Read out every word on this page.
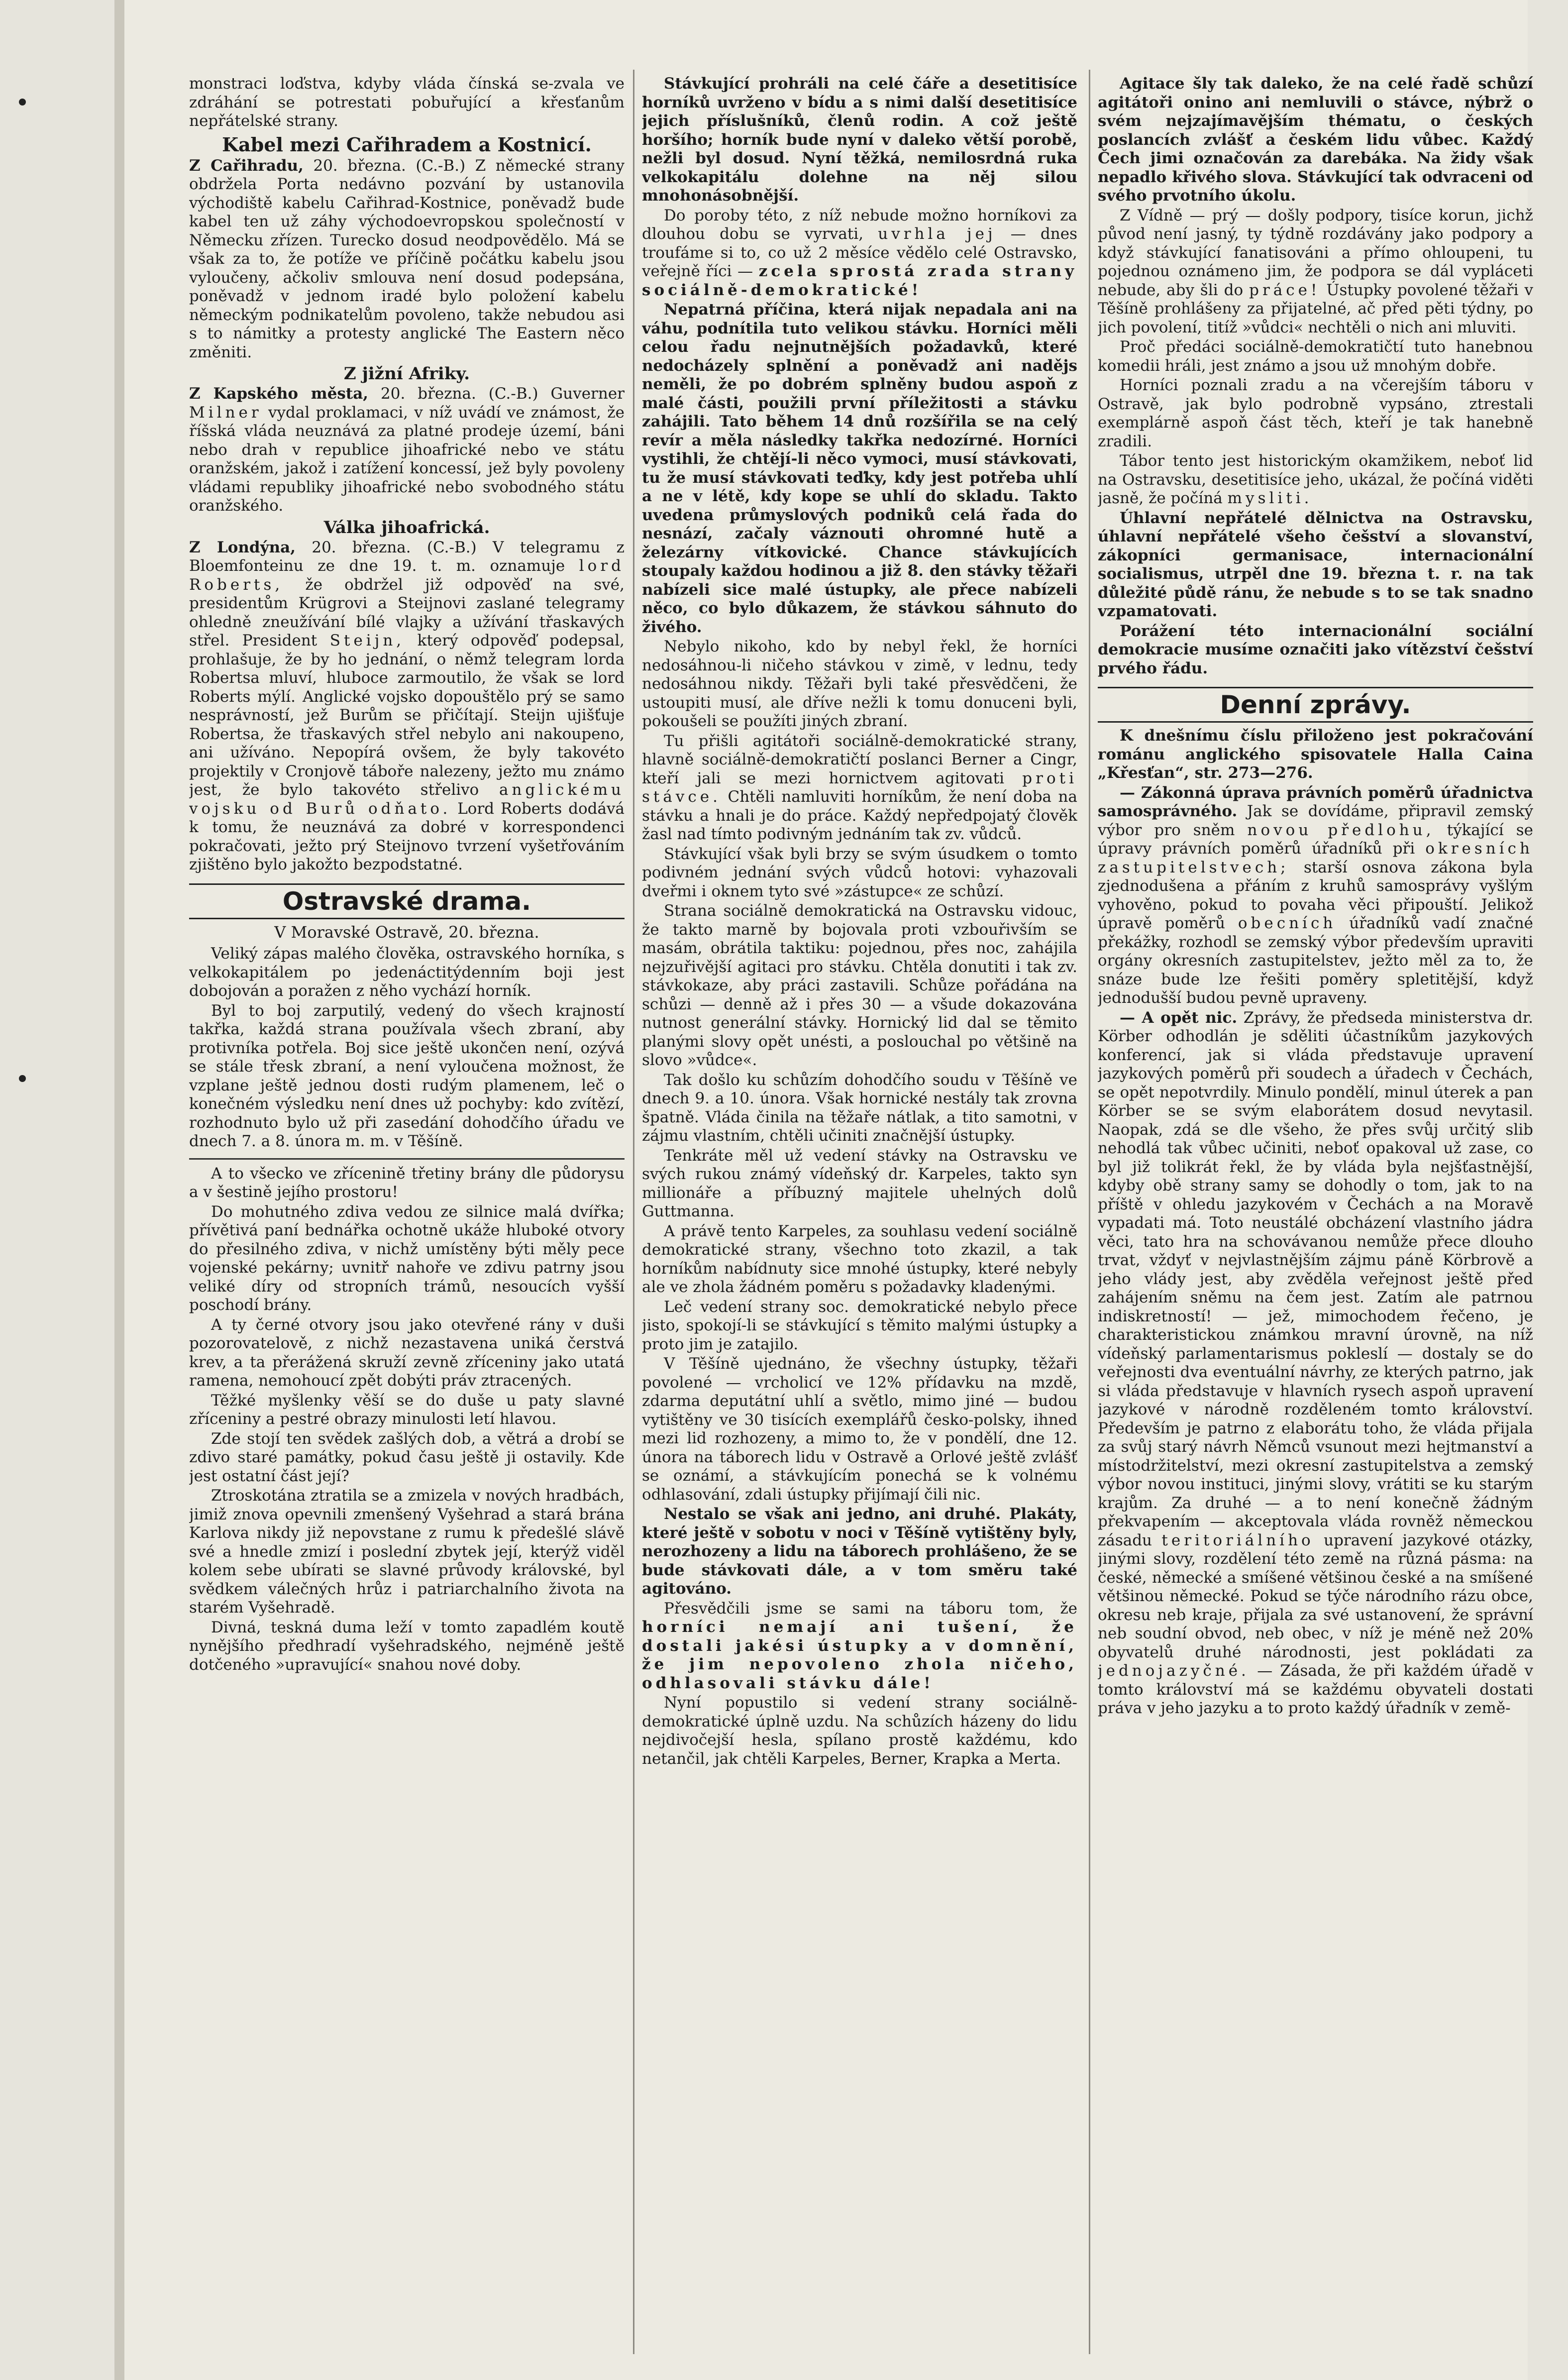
monstraci loďstva, kdyby vláda čínská se-zvala ve zdráhání se potrestati pobuřující a křesťanům nepřátelské strany.

Kabel mezi Cařihradem a Kostnicí.

Z Cařihradu, 20. března. (C.-B.) Z německé strany obdržela Porta nedávno pozvání by ustanovila východiště kabelu Cařihrad-Kostnice, poněvadž bude kabel ten už záhy východoevropskou společností v Německu zřízen. Turecko dosud neodpovědělo. Má se však za to, že potíže ve příčině počátku kabelu jsou vyloučeny, ačkoliv smlouva není dosud podepsána, poněvadž v jednom iradé bylo položení kabelu německým podnikatelům povoleno, takže nebudou asi s to námitky a protesty anglické The Eastern něco změniti.

Z jižní Afriky.

Z Kapského města, 20. března. (C.-B.) Guverner Milner vydal proklamaci, v níž uvádí ve známost, že říšská vláda neuznává za platné prodeje území, báni nebo drah v republice jihoafrické nebo ve státu oranžském, jakož i zatížení koncessí, jež byly povoleny vládami republiky jihoafrické nebo svobodného státu oranžského.

Válka jihoafrická.

Z Londýna, 20. března. (C.-B.) V telegramu z Bloemfonteinu ze dne 19. t. m. oznamuje lord Roberts, že obdržel již odpověď na své, presidentům Krügrovi a Steijnovi zaslané telegramy ohledně zneužívání bílé vlajky a užívání třaskavých střel. President Steijn, který odpověď podepsal, prohlašuje, že by ho jednání, o němž telegram lorda Robertsa mluví, hluboce zarmoutilo, že však se lord Roberts mýlí. Anglické vojsko dopouštělo prý se samo nesprávností, jež Burům se přičítají. Steijn ujišťuje Robertsa, že třaskavých střel nebylo ani nakoupeno, ani užíváno. Nepopírá ovšem, že byly takovéto projektily v Cronjově táboře nalezeny, ježto mu známo jest, že bylo takovéto střelivo anglickému vojsku od Burů odňato. Lord Roberts dodává k tomu, že neuznává za dobré v korrespondenci pokračovati, ježto prý Steijnovo tvrzení vyšetřováním zjištěno bylo jakožto bezpodstatné.

Ostravské drama.
V Moravské Ostravě, 20. března.

Veliký zápas malého člověka, ostravského horníka, s velkokapitálem po jedenáctitýdenním boji jest dobojován a poražen z něho vychází horník.

Byl to boj zarputilý, vedený do všech krajností takřka, každá strana používala všech zbraní, aby protivníka potřela. Boj sice ještě ukončen není, ozývá se stále třesk zbraní, a není vyloučena možnost, že vzplane ještě jednou dosti rudým plamenem, leč o konečném výsledku není dnes už pochyby: kdo zvítězí, rozhodnuto bylo už při zasedání dohodčího úřadu ve dnech 7. a 8. února m. m. v Těšíně.

A to všecko ve zřícenině třetiny brány dle půdorysu a v šestině jejího prostoru!

Do mohutného zdiva vedou ze silnice malá dvířka; přívětivá paní bednářka ochotně ukáže hluboké otvory do přesilného zdiva, v nichž umístěny býti měly pece vojenské pekárny; uvnitř nahoře ve zdivu patrny jsou veliké díry od stropních trámů, nesoucích vyšší poschodí brány.

A ty černé otvory jsou jako otevřené rány v duši pozorovatelově, z nichž nezastavena uniká čerstvá krev, a ta přerážená skruží zevně zříceniny jako utatá ramena, nemohoucí zpět dobýti práv ztracených.

Těžké myšlenky věší se do duše u paty slavné zříceniny a pestré obrazy minulosti letí hlavou.

Zde stojí ten svědek zašlých dob, a větrá a drobí se zdivo staré památky, pokud času ještě ji ostavily. Kde jest ostatní část její?

Ztroskotána ztratila se a zmizela v nových hradbách, jimiž znova opevnili zmenšený Vyšehrad a stará brána Karlova nikdy již nepovstane z rumu k předešlé slávě své a hnedle zmizí i poslední zbytek její, kterýž viděl kolem sebe ubírati se slavné průvody královské, byl svědkem válečných hrůz i patriarchalního života na starém Vyšehradě.

Divná, teskná duma leží v tomto zapadlém koutě nynějšího předhradí vyšehradského, nejméně ještě dotčeného »upravující« snahou nové doby.

Stávkující prohráli na celé čáře a desetitisíce horníků uvrženo v bídu a s nimi další desetitisíce jejich příslušníků, členů rodin. A což ještě horšího; horník bude nyní v daleko větší porobě, nežli byl dosud. Nyní těžká, nemilosrdná ruka velkokapitálu dolehne na něj silou mnohonásobnější.

Do poroby této, z níž nebude možno horníkovi za dlouhou dobu se vyrvati, uvrhla jej — dnes troufáme si to, co už 2 měsíce vědělo celé Ostravsko, veřejně říci — zcela sprostá zrada strany sociálně-demokratické!

Nepatrná příčina, která nijak nepadala ani na váhu, podnítila tuto velikou stávku. Horníci měli celou řadu nejnutnějších požadavků, které nedocházely splnění a poněvadž ani nadějs neměli, že po dobrém splněny budou aspoň z malé části, použili první příležitosti a stávku zahájili. Tato během 14 dnů rozšířila se na celý revír a měla následky takřka nedozírné. Horníci vystihli, že chtějí-li něco vymoci, musí stávkovati, tu že musí stávkovati teďky, kdy jest potřeba uhlí a ne v létě, kdy kope se uhlí do skladu. Takto uvedena průmyslových podniků celá řada do nesnází, začaly váznouti ohromné hutě a železárny vítkovické. Chance stávkujících stoupaly každou hodinou a již 8. den stávky těžaři nabízeli sice malé ústupky, ale přece nabízeli něco, co bylo důkazem, že stávkou sáhnuto do živého.

Nebylo nikoho, kdo by nebyl řekl, že horníci nedosáhnou-li ničeho stávkou v zimě, v lednu, tedy nedosáhnou nikdy. Těžaři byli také přesvědčeni, že ustoupiti musí, ale dříve nežli k tomu donuceni byli, pokoušeli se použíti jiných zbraní.

Tu přišli agitátoři sociálně-demokratické strany, hlavně sociálně-demokratičtí poslanci Berner a Cingr, kteří jali se mezi hornictvem agitovati proti stávce. Chtěli namluviti horníkům, že není doba na stávku a hnali je do práce. Každý nepředpojatý člověk žasl nad tímto podivným jednáním tak zv. vůdců.

Stávkující však byli brzy se svým úsudkem o tomto podivném jednání svých vůdců hotovi: vyhazovali dveřmi i oknem tyto své »zástupce« ze schůzí.

Strana sociálně demokratická na Ostravsku vidouc, že takto marně by bojovala proti vzbouřivším se masám, obrátila taktiku: pojednou, přes noc, zahájila nejzuřivější agitaci pro stávku. Chtěla donutiti i tak zv. stávkokaze, aby práci zastavili. Schůze pořádána na schůzi — denně až i přes 30 — a všude dokazována nutnost generální stávky. Hornický lid dal se těmito planými slovy opět unésti, a poslouchal po většině na slovo »vůdce«.

Tak došlo ku schůzím dohodčího soudu v Těšíně ve dnech 9. a 10. února. Však hornické nestály tak zrovna špatně. Vláda činila na těžaře nátlak, a tito samotni, v zájmu vlastním, chtěli učiniti značnější ústupky.

Tenkráte měl už vedení stávky na Ostravsku ve svých rukou známý vídeňský dr. Karpeles, takto syn millionáře a příbuzný majitele uhelných dolů Guttmanna.

A právě tento Karpeles, za souhlasu vedení sociálně demokratické strany, všechno toto zkazil, a tak horníkům nabídnuty sice mnohé ústupky, které nebyly ale ve zhola žádném poměru s požadavky kladenými.

Leč vedení strany soc. demokratické nebylo přece jisto, spokojí-li se stávkující s těmito malými ústupky a proto jim je zatajilo.

V Těšíně ujednáno, že všechny ústupky, těžaři povolené — vrcholicí ve 12% přídavku na mzdě, zdarma deputátní uhlí a světlo, mimo jiné — budou vytištěny ve 30 tisících exemplářů česko-polsky, ihned mezi lid rozhozeny, a mimo to, že v pondělí, dne 12. února na táborech lidu v Ostravě a Orlové ještě zvlášť se oznámí, a stávkujícím ponechá se k volnému odhlasování, zdali ústupky přijímají čili nic.

Nestalo se však ani jedno, ani druhé. Plakáty, které ještě v sobotu v noci v Těšíně vytištěny byly, nerozhozeny a lidu na táborech prohlášeno, že se bude stávkovati dále, a v tom směru také agitováno.

Přesvědčili jsme se sami na táboru tom, že horníci nemají ani tušení, že dostali jakési ústupky a v domnění, že jim nepovoleno zhola ničeho, odhlasovali stávku dále!

Nyní popustilo si vedení strany sociálně-demokratické úplně uzdu. Na schůzích házeny do lidu nejdivočejší hesla, spílano prostě každému, kdo netančil, jak chtěli Karpeles, Berner, Krapka a Merta.

Agitace šly tak daleko, že na celé řadě schůzí agitátoři onino ani nemluvili o stávce, nýbrž o svém nejzajímavějším thématu, o českých poslancích zvlášť a českém lidu vůbec. Každý Čech jimi označován za darebáka. Na židy však nepadlo křivého slova. Stávkující tak odvraceni od svého prvotního úkolu.

Z Vídně — prý — došly podpory, tisíce korun, jichž původ není jasný, ty týdně rozdávány jako podpory a když stávkující fanatisováni a přímo ohloupeni, tu pojednou oznámeno jim, že podpora se dál vypláceti nebude, aby šli do práce! Ústupky povolené těžaři v Těšíně prohlášeny za přijatelné, ač před pěti týdny, po jich povolení, titíž »vůdci« nechtěli o nich ani mluviti.

Proč předáci sociálně-demokratičtí tuto hanebnou komedii hráli, jest známo a jsou už mnohým dobře.

Horníci poznali zradu a na včerejším táboru v Ostravě, jak bylo podrobně vypsáno, ztrestali exemplárně aspoň část těch, kteří je tak hanebně zradili.

Tábor tento jest historickým okamžikem, neboť lid na Ostravsku, desetitisíce jeho, ukázal, že počíná viděti jasně, že počíná mysliti.

Úhlavní nepřátelé dělnictva na Ostravsku, úhlavní nepřátelé všeho češství a slovanství, zákopníci germanisace, internacionální socialismus, utrpěl dne 19. března t. r. na tak důležité půdě ránu, že nebude s to se tak snadno vzpamatovati.

Porážení této internacionální sociální demokracie musíme označiti jako vítězství češství prvého řádu.

Denní zprávy.

K dnešnímu číslu přiloženo jest pokračování románu anglického spisovatele Halla Caina „Křesťan“, str. 273—276.

— Zákonná úprava právních poměrů úřadnictva samosprávného. Jak se dovídáme, připravil zemský výbor pro sněm novou předlohu, týkající se úpravy právních poměrů úřadníků při okresních zastupitelstvech; starší osnova zákona byla zjednodušena a přáním z kruhů samosprávy vyšlým vyhověno, pokud to povaha věci připouští. Jelikož úpravě poměrů obecních úřadníků vadí značné překážky, rozhodl se zemský výbor především upraviti orgány okresních zastupitelstev, ježto měl za to, že snáze bude lze řešiti poměry spletitější, když jednodušší budou pevně upraveny.

— A opět nic. Zprávy, že předseda ministerstva dr. Körber odhodlán je sděliti účastníkům jazykových konferencí, jak si vláda představuje upravení jazykových poměrů při soudech a úřadech v Čechách, se opět nepotvrdily. Minulo pondělí, minul úterek a pan Körber se se svým elaborátem dosud nevytasil. Naopak, zdá se dle všeho, že přes svůj určitý slib nehodlá tak vůbec učiniti, neboť opakoval už zase, co byl již tolikrát řekl, že by vláda byla nejšťastnější, kdyby obě strany samy se dohodly o tom, jak to na příště v ohledu jazykovém v Čechách a na Moravě vypadati má. Toto neustálé obcházení vlastního jádra věci, tato hra na schovávanou nemůže přece dlouho trvat, vždyť v nejvlastnějším zájmu páně Körbrově a jeho vlády jest, aby zvěděla veřejnost ještě před zahájením sněmu na čem jest. Zatím ale patrnou indiskretností! — jež, mimochodem řečeno, je charakteristickou známkou mravní úrovně, na níž vídeňský parlamentarismus pokleslí — dostaly se do veřejnosti dva eventuální návrhy, ze kterých patrno, jak si vláda představuje v hlavních rysech aspoň upravení jazykové v národně rozděleném tomto království. Především je patrno z elaborátu toho, že vláda přijala za svůj starý návrh Němců vsunout mezi hejtmanství a místodržitelství, mezi okresní zastupitelstva a zemský výbor novou instituci, jinými slovy, vrátiti se ku starým krajům. Za druhé — a to není konečně žádným překvapením — akceptovala vláda rovněž německou zásadu teritoriálního upravení jazykové otázky, jinými slovy, rozdělení této země na různá pásma: na české, německé a smíšené většinou české a na smíšené většinou německé. Pokud se týče národního rázu obce, okresu neb kraje, přijala za své ustanovení, že správní neb soudní obvod, neb obec, v níž je méně než 20% obyvatelů druhé národnosti, jest pokládati za jednojazyčné. — Zásada, že při každém úřadě v tomto království má se každému obyvateli dostati práva v jeho jazyku a to proto každý úřadník v země-
